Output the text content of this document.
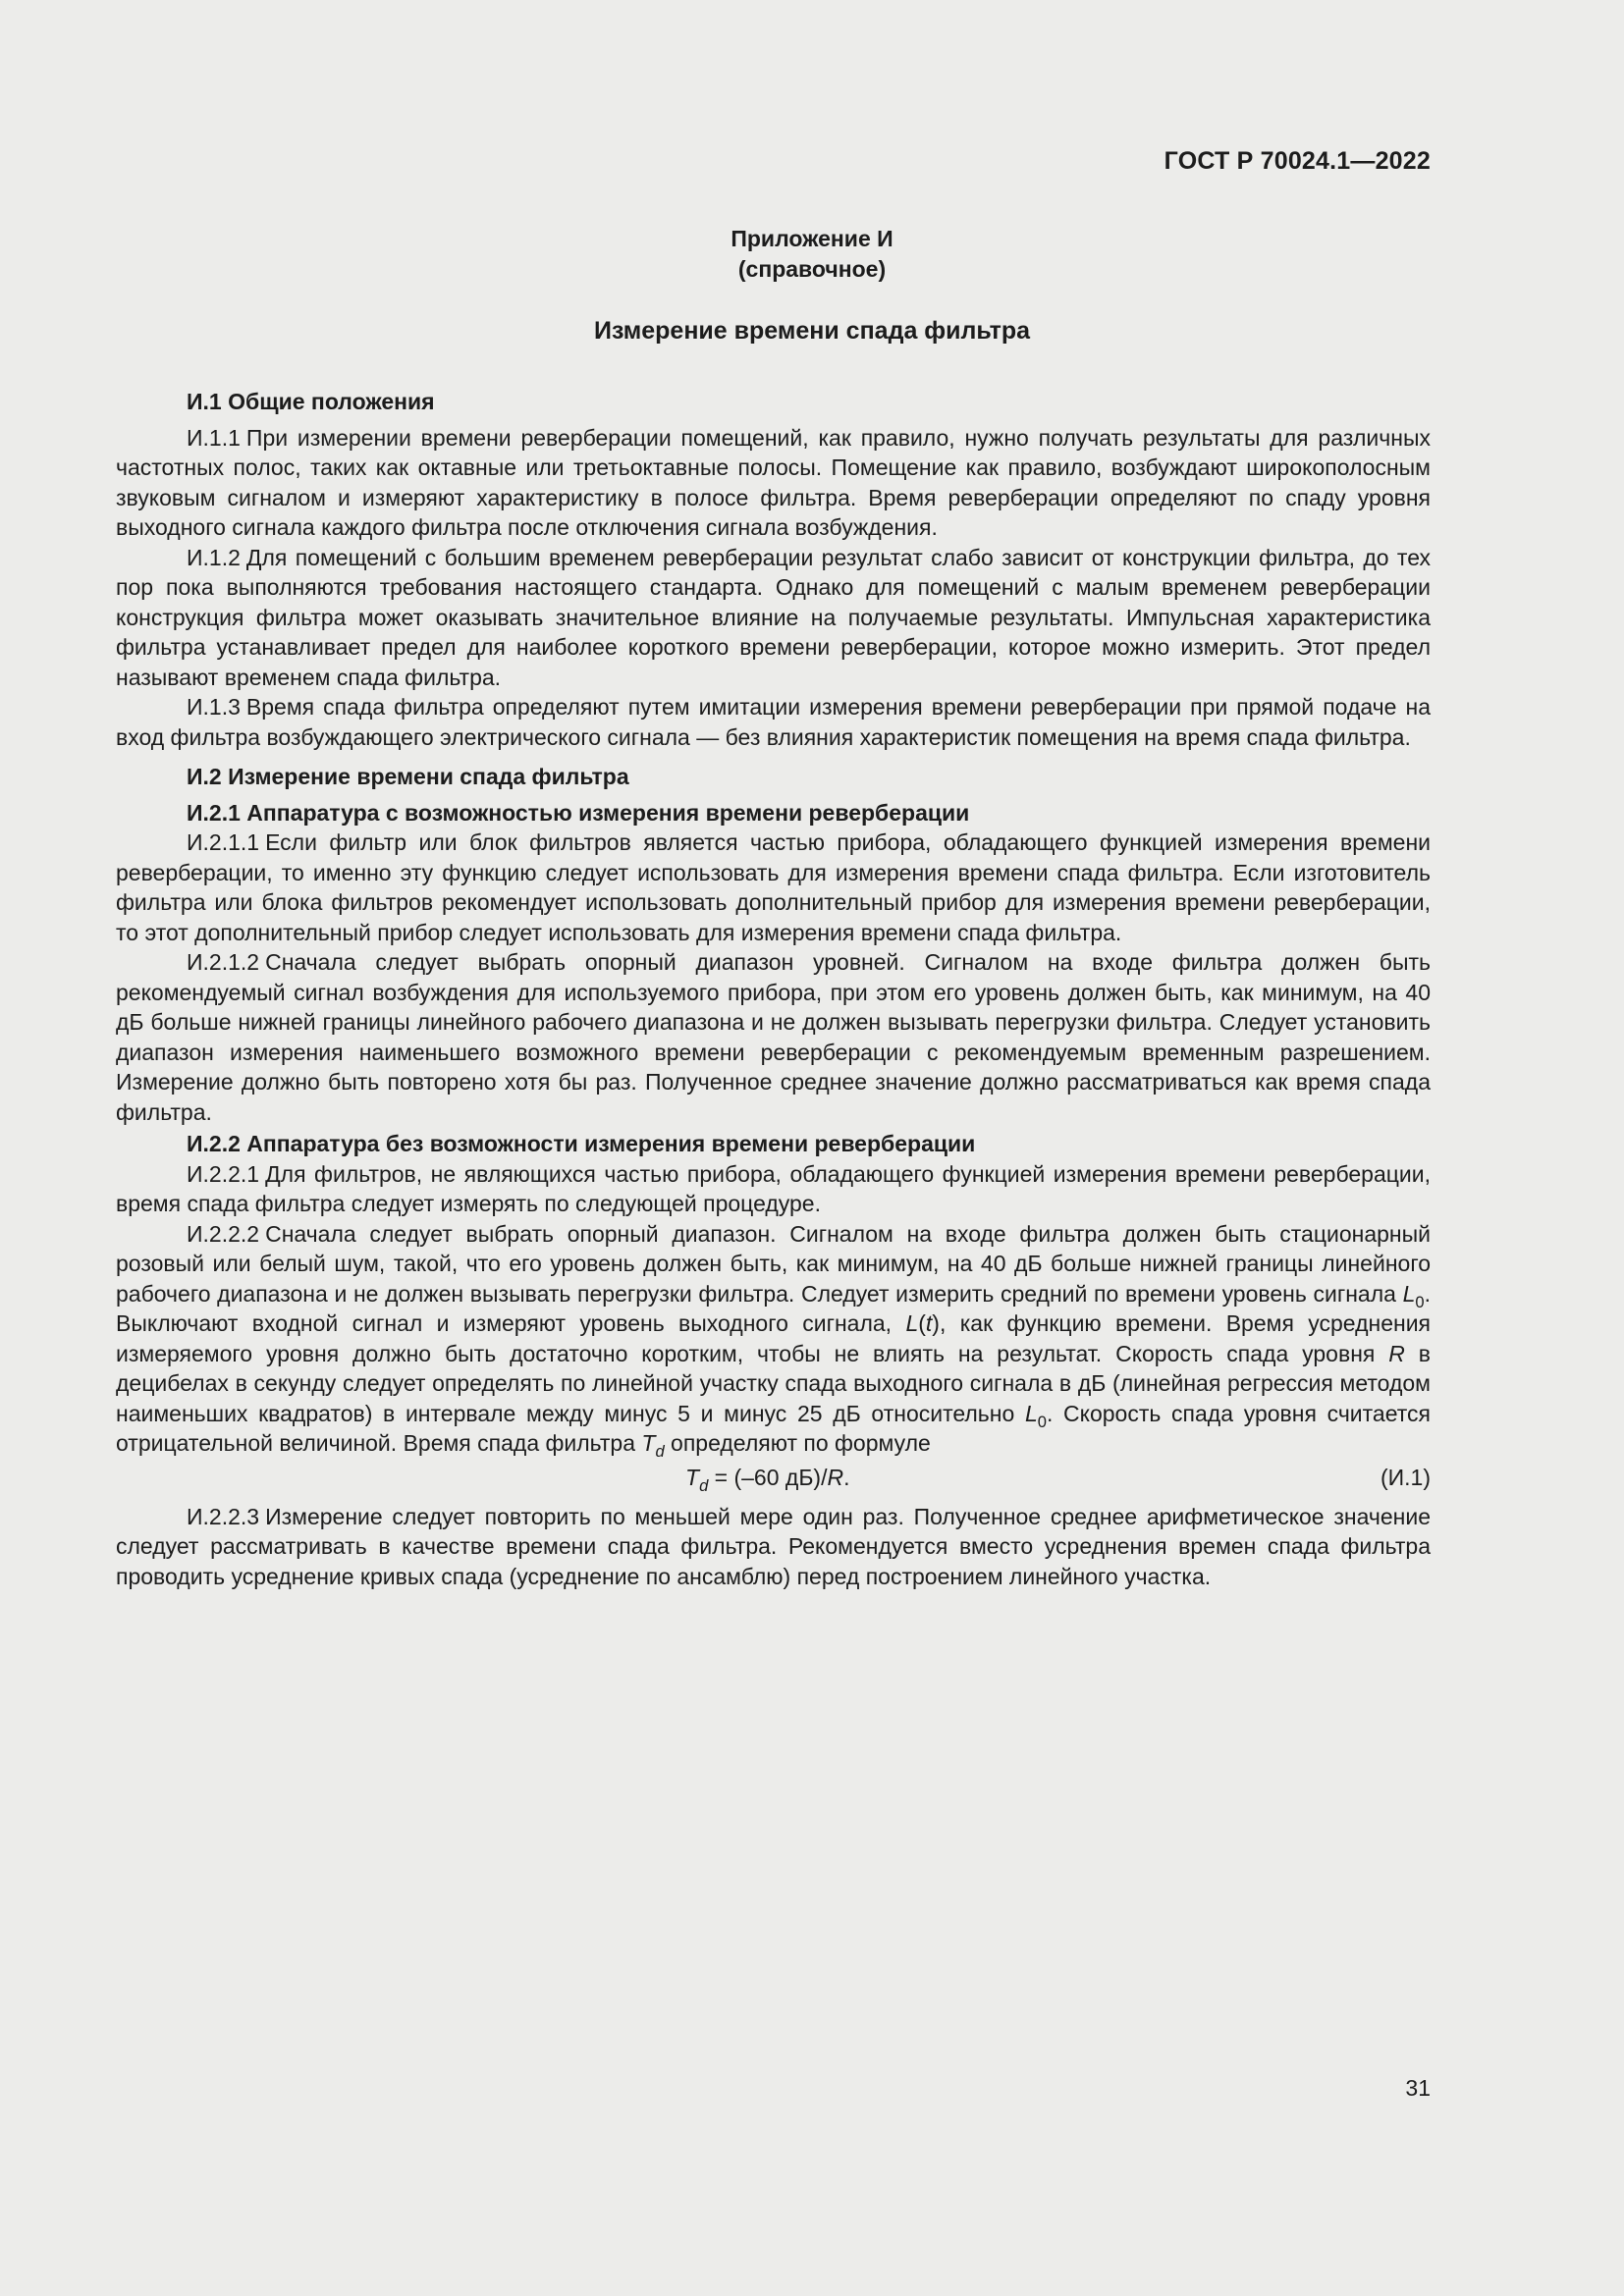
ГОСТ Р 70024.1—2022
Приложение И
(справочное)
Измерение времени спада фильтра
И.1 Общие положения

И.1.1 При измерении времени реверберации помещений, как правило, нужно получать результаты для различных частотных полос, таких как октавные или третьоктавные полосы. Помещение как правило, возбуждают широкополосным звуковым сигналом и измеряют характеристику в полосе фильтра. Время реверберации определяют по спаду уровня выходного сигнала каждого фильтра после отключения сигнала возбуждения.

И.1.2 Для помещений с большим временем реверберации результат слабо зависит от конструкции фильтра, до тех пор пока выполняются требования настоящего стандарта. Однако для помещений с малым временем реверберации конструкция фильтра может оказывать значительное влияние на получаемые результаты. Импульсная характеристика фильтра устанавливает предел для наиболее короткого времени реверберации, которое можно измерить. Этот предел называют временем спада фильтра.

И.1.3 Время спада фильтра определяют путем имитации измерения времени реверберации при прямой подаче на вход фильтра возбуждающего электрического сигнала — без влияния характеристик помещения на время спада фильтра.

И.2 Измерение времени спада фильтра
И.2.1 Аппаратура с возможностью измерения времени реверберации

И.2.1.1 Если фильтр или блок фильтров является частью прибора, обладающего функцией измерения времени реверберации, то именно эту функцию следует использовать для измерения времени спада фильтра. Если изготовитель фильтра или блока фильтров рекомендует использовать дополнительный прибор для измерения времени реверберации, то этот дополнительный прибор следует использовать для измерения времени спада фильтра.

И.2.1.2 Сначала следует выбрать опорный диапазон уровней. Сигналом на входе фильтра должен быть рекомендуемый сигнал возбуждения для используемого прибора, при этом его уровень должен быть, как минимум, на 40 дБ больше нижней границы линейного рабочего диапазона и не должен вызывать перегрузки фильтра. Следует установить диапазон измерения наименьшего возможного времени реверберации с рекомендуемым временным разрешением. Измерение должно быть повторено хотя бы раз. Полученное среднее значение должно рассматриваться как время спада фильтра.

И.2.2 Аппаратура без возможности измерения времени реверберации

И.2.2.1 Для фильтров, не являющихся частью прибора, обладающего функцией измерения времени реверберации, время спада фильтра следует измерять по следующей процедуре.

И.2.2.2 Сначала следует выбрать опорный диапазон. Сигналом на входе фильтра должен быть стационарный розовый или белый шум, такой, что его уровень должен быть, как минимум, на 40 дБ больше нижней границы линейного рабочего диапазона и не должен вызывать перегрузки фильтра. Следует измерить средний по времени уровень сигнала $L_0$. Выключают входной сигнал и измеряют уровень выходного сигнала, L(t), как функцию времени. Время усреднения измеряемого уровня должно быть достаточно коротким, чтобы не влиять на результат. Скорость спада уровня R в децибелах в секунду следует определять по линейной участку спада выходного сигнала в дБ (линейная регрессия методом наименьших квадратов) в интервале между минус 5 и минус 25 дБ относительно $L_0$. Скорость спада уровня считается отрицательной величиной. Время спада фильтра $T_d$ определяют по формуле

$T_d = (-60$ дБ)/R.	(И.1)

И.2.2.3 Измерение следует повторить по меньшей мере один раз. Полученное среднее арифметическое значение следует рассматривать в качестве времени спада фильтра. Рекомендуется вместо усреднения времен спада фильтра проводить усреднение кривых спада (усреднение по ансамблю) перед построением линейного участка.

31
